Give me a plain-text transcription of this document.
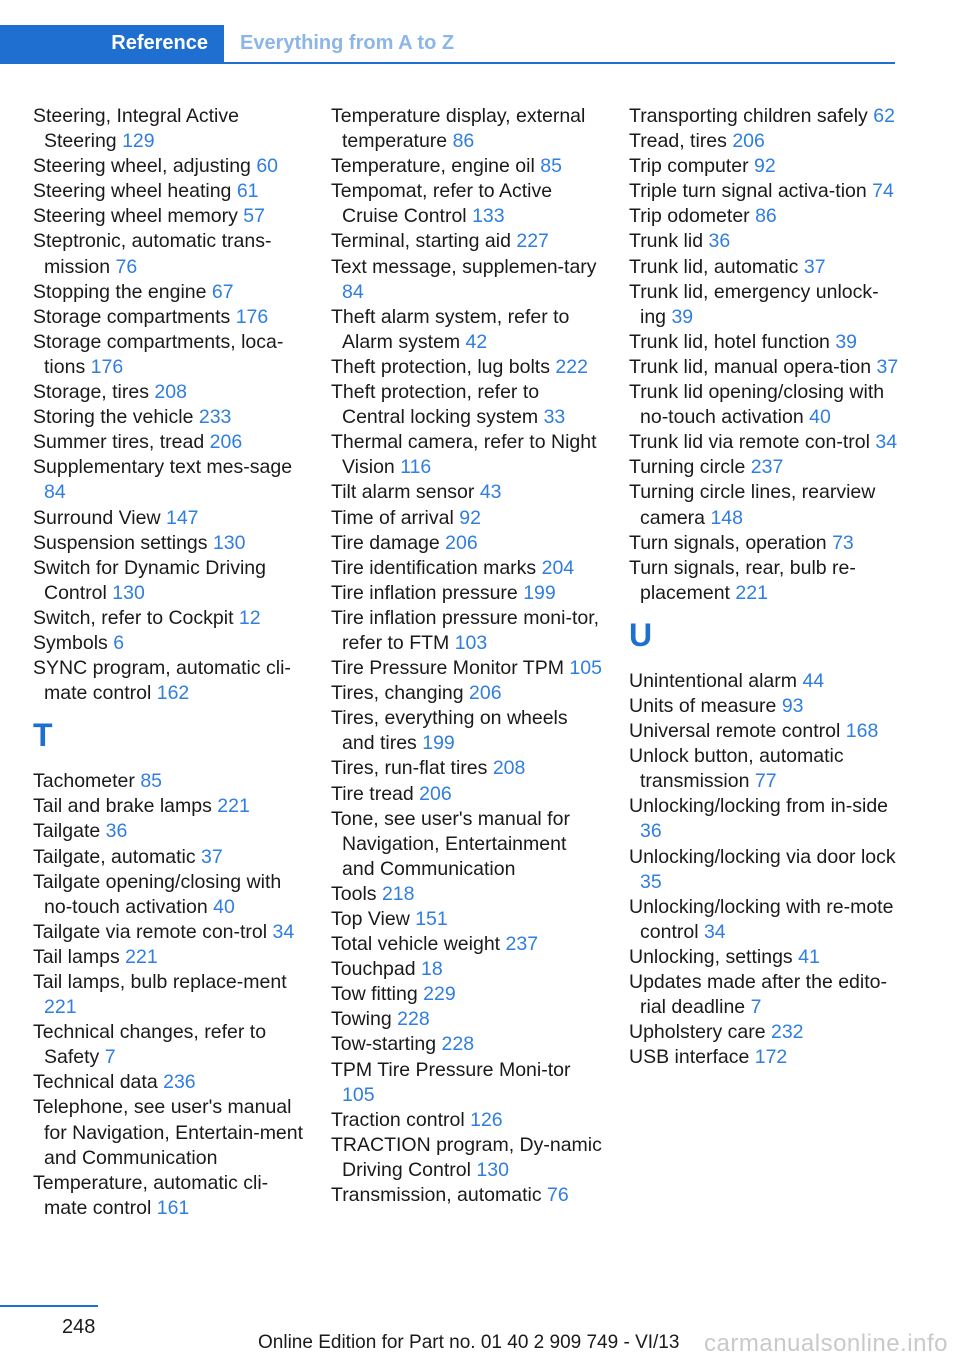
Reference	Everything from A to Z
Steering, Integral Active Steering 129
Steering wheel, adjusting 60
Steering wheel heating 61
Steering wheel memory 57
Steptronic, automatic trans-mission 76
Stopping the engine 67
Storage compartments 176
Storage compartments, loca-tions 176
Storage, tires 208
Storing the vehicle 233
Summer tires, tread 206
Supplementary text mes-sage 84
Surround View 147
Suspension settings 130
Switch for Dynamic Driving Control 130
Switch, refer to Cockpit 12
Symbols 6
SYNC program, automatic cli-mate control 162
T
Tachometer 85
Tail and brake lamps 221
Tailgate 36
Tailgate, automatic 37
Tailgate opening/closing with no-touch activation 40
Tailgate via remote con-trol 34
Tail lamps 221
Tail lamps, bulb replace-ment 221
Technical changes, refer to Safety 7
Technical data 236
Telephone, see user's manual for Navigation, Entertain-ment and Communication
Temperature, automatic cli-mate control 161
Temperature display, external temperature 86
Temperature, engine oil 85
Tempomat, refer to Active Cruise Control 133
Terminal, starting aid 227
Text message, supplemen-tary 84
Theft alarm system, refer to Alarm system 42
Theft protection, lug bolts 222
Theft protection, refer to Central locking system 33
Thermal camera, refer to Night Vision 116
Tilt alarm sensor 43
Time of arrival 92
Tire damage 206
Tire identification marks 204
Tire inflation pressure 199
Tire inflation pressure moni-tor, refer to FTM 103
Tire Pressure Monitor TPM 105
Tires, changing 206
Tires, everything on wheels and tires 199
Tires, run-flat tires 208
Tire tread 206
Tone, see user's manual for Navigation, Entertainment and Communication
Tools 218
Top View 151
Total vehicle weight 237
Touchpad 18
Tow fitting 229
Towing 228
Tow-starting 228
TPM Tire Pressure Moni-tor 105
Traction control 126
TRACTION program, Dy-namic Driving Control 130
Transmission, automatic 76
Transporting children safely 62
Tread, tires 206
Trip computer 92
Triple turn signal activa-tion 74
Trip odometer 86
Trunk lid 36
Trunk lid, automatic 37
Trunk lid, emergency unlock-ing 39
Trunk lid, hotel function 39
Trunk lid, manual opera-tion 37
Trunk lid opening/closing with no-touch activation 40
Trunk lid via remote con-trol 34
Turning circle 237
Turning circle lines, rearview camera 148
Turn signals, operation 73
Turn signals, rear, bulb re-placement 221
U
Unintentional alarm 44
Units of measure 93
Universal remote control 168
Unlock button, automatic transmission 77
Unlocking/locking from in-side 36
Unlocking/locking via door lock 35
Unlocking/locking with re-mote control 34
Unlocking, settings 41
Updates made after the edito-rial deadline 7
Upholstery care 232
USB interface 172
248
Online Edition for Part no. 01 40 2 909 749 - VI/13 carmanualsonline.info
